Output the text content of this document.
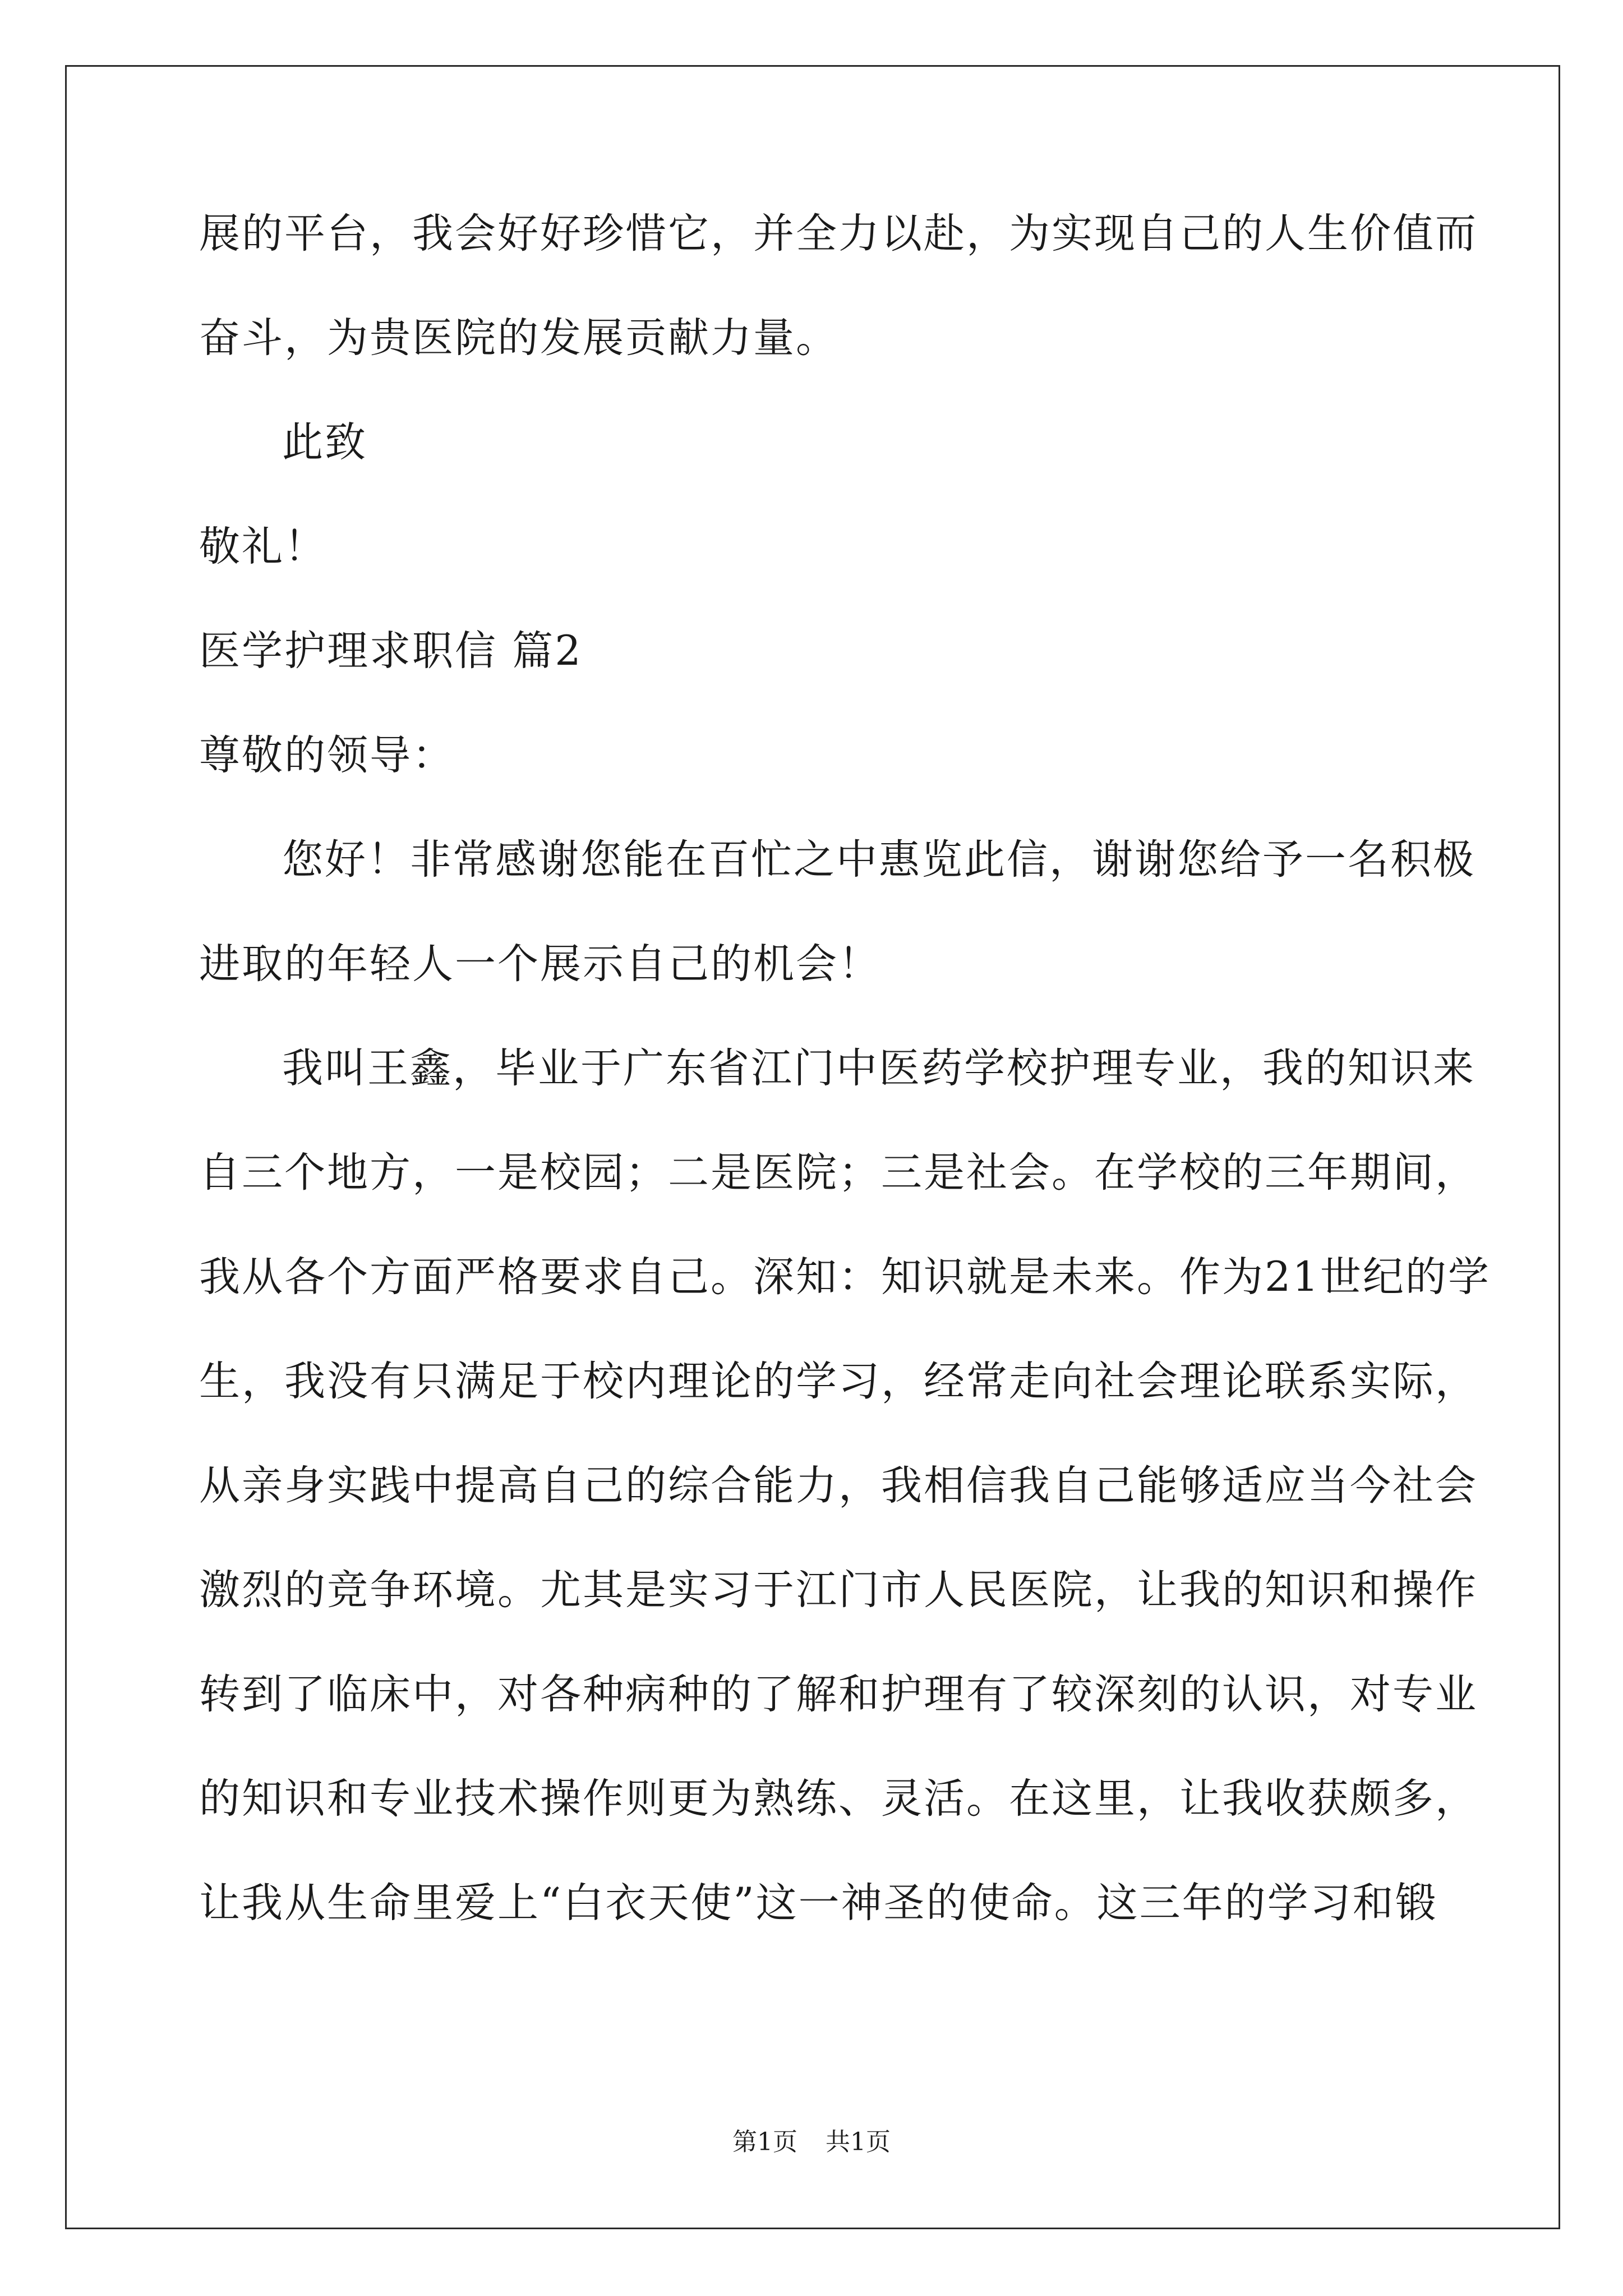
展的平台，我会好好珍惜它，并全力以赴，为实现自己的人生价值而
奋斗，为贵医院的发展贡献力量。
此致
敬礼！
医学护理求职信 篇2
尊敬的领导：
您好！非常感谢您能在百忙之中惠览此信，谢谢您给予一名积极
进取的年轻人一个展示自己的机会！
我叫王鑫，毕业于广东省江门中医药学校护理专业，我的知识来
自三个地方，一是校园；二是医院；三是社会。在学校的三年期间，
我从各个方面严格要求自己。深知：知识就是未来。作为21世纪的学
生，我没有只满足于校内理论的学习，经常走向社会理论联系实际，
从亲身实践中提高自己的综合能力，我相信我自己能够适应当今社会
激烈的竞争环境。尤其是实习于江门市人民医院，让我的知识和操作
转到了临床中，对各种病种的了解和护理有了较深刻的认识，对专业
的知识和专业技术操作则更为熟练、灵活。在这里，让我收获颇多，
让我从生命里爱上“白衣天使”这一神圣的使命。这三年的学习和锻
第1页 共1页
